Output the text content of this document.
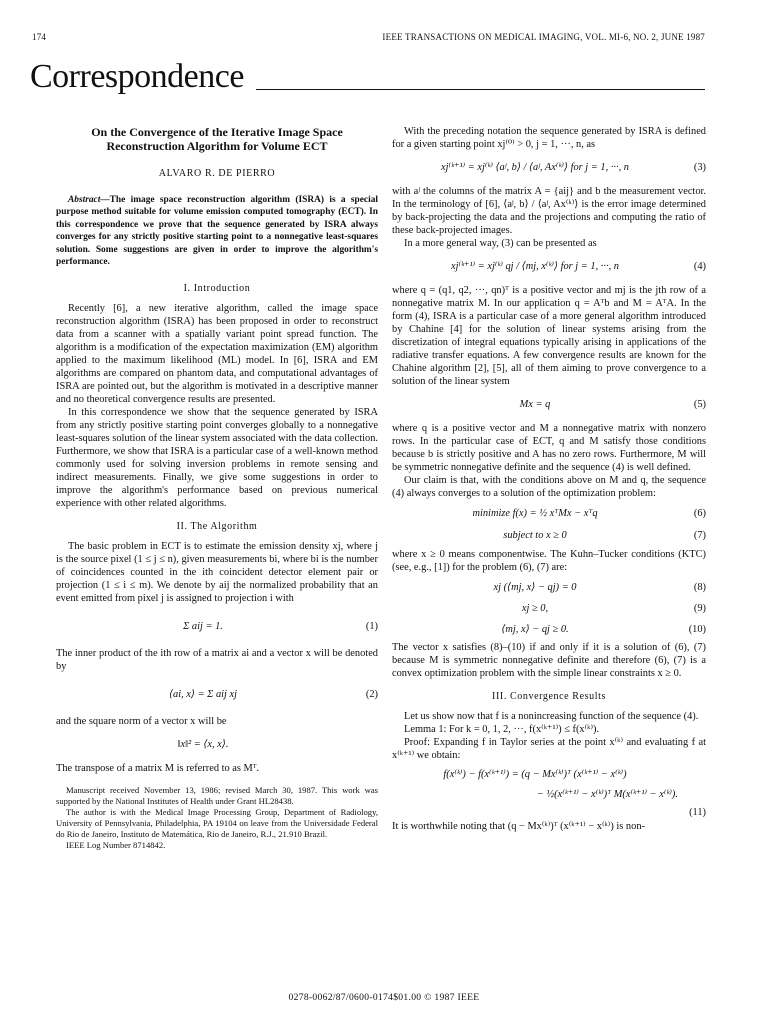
174	IEEE TRANSACTIONS ON MEDICAL IMAGING, VOL. MI-6, NO. 2, JUNE 1987
Correspondence
On the Convergence of the Iterative Image Space Reconstruction Algorithm for Volume ECT
ALVARO R. DE PIERRO

Abstract—The image space reconstruction algorithm (ISRA) is a special purpose method suitable for volume emission computed tomography (ECT). In this correspondence we prove that the sequence generated by ISRA always converges for any strictly positive starting point to a nonnegative least-squares solution. Some suggestions are given in order to improve the algorithm's performance.

I. Introduction

Recently [6], a new iterative algorithm, called the image space reconstruction algorithm (ISRA) has been proposed in order to reconstruct data from a scanner with a spatially variant point spread function. The algorithm is a modification of the expectation maximization (EM) algorithm applied to the maximum likelihood (ML) model. In [6], ISRA and EM algorithms are compared on phantom data, and computational advantages of ISRA are pointed out, but the algorithm is motivated in a descriptive manner and no theoretical convergence results are presented.

In this correspondence we show that the sequence generated by ISRA from any strictly positive starting point converges globally to a nonnegative least-squares solution of the linear system associated with the data collection. Furthermore, we show that ISRA is a particular case of a well-known method commonly used for solving inversion problems in remote sensing and indirect measurements. Finally, we give some suggestions in order to improve the algorithm's performance based on previous numerical experience with other related algorithms.

II. The Algorithm

The basic problem in ECT is to estimate the emission density xj, where j is the source pixel (1 ≤ j ≤ n), given measurements bi, where bi is the number of coincidences counted in the ith coincident detector element pair or projection (1 ≤ i ≤ m). We denote by aij the normalized probability that an event emitted from pixel j is assigned to projection i with

Σ aij = 1.	(1)

The inner product of the ith row of a matrix ai and a vector x will be denoted by

⟨ai, x⟩ = Σ aij xj	(2)

and the square norm of a vector x will be

‖x‖² = ⟨x, x⟩.

The transpose of a matrix M is referred to as Mᵀ.

Manuscript received November 13, 1986; revised March 30, 1987. This work was supported by the National Institutes of Health under Grant HL28438.

The author is with the Medical Image Processing Group, Department of Radiology, University of Pennsylvania, Philadelphia, PA 19104 on leave from the Universidade Federal do Rio de Janeiro, Instituto de Matemática, Rio de Janeiro, R.J., 21.910 Brazil.

IEEE Log Number 8714842.

With the preceding notation the sequence generated by ISRA is defined for a given starting point xj⁽⁰⁾ > 0, j = 1, ···, n, as

xj⁽ᵏ⁺¹⁾ = xj⁽ᵏ⁾ ⟨aʲ, b⟩ / ⟨aʲ, Ax⁽ᵏ⁾⟩ for j = 1, ···, n	(3)

with aʲ the columns of the matrix A = {aij} and b the measurement vector. In the terminology of [6], ⟨aʲ, b⟩ / ⟨aʲ, Ax⁽ᵏ⁾⟩ is the error image determined by back-projecting the data and the projections and computing the ratio of these back-projected images.

In a more general way, (3) can be presented as

xj⁽ᵏ⁺¹⁾ = xj⁽ᵏ⁾ qj / ⟨mj, x⁽ᵏ⁾⟩ for j = 1, ···, n	(4)

where q = (q1, q2, ···, qn)ᵀ is a positive vector and mj is the jth row of a nonnegative matrix M. In our application q = Aᵀb and M = AᵀA. In the form (4), ISRA is a particular case of a more general algorithm introduced by Chahine [4] for the solution of linear systems arising from the discretization of integral equations typically arising in applications of the radiative transfer equations. A few convergence results are known for the Chahine algorithm [2], [5], all of them aiming to prove convergence to a solution of the linear system

Mx = q	(5)

where q is a positive vector and M a nonnegative matrix with nonzero rows. In the particular case of ECT, q and M satisfy those conditions because b is strictly positive and A has no zero rows. Furthermore, M will be symmetric nonnegative definite and the sequence (4) is well defined.

Our claim is that, with the conditions above on M and q, the sequence (4) always converges to a solution of the optimization problem:

minimize f(x) = ½ xᵀMx − xᵀq	(6)
subject to x ≥ 0	(7)

where x ≥ 0 means componentwise. The Kuhn–Tucker conditions (KTC) (see, e.g., [1]) for the problem (6), (7) are:

xj (⟨mj, x⟩ − qj) = 0	(8)
xj ≥ 0,	(9)
⟨mj, x⟩ − qj ≥ 0.	(10)

The vector x satisfies (8)–(10) if and only if it is a solution of (6), (7) because M is symmetric nonnegative definite and therefore (6), (7) is a convex optimization problem with the simple linear constraints x ≥ 0.

III. Convergence Results

Let us show now that f is a nonincreasing function of the sequence (4).

Lemma 1: For k = 0, 1, 2, ···, f(x⁽ᵏ⁺¹⁾) ≤ f(x⁽ᵏ⁾).

Proof: Expanding f in Taylor series at the point x⁽ᵏ⁾ and evaluating f at x⁽ᵏ⁺¹⁾ we obtain:

f(x⁽ᵏ⁾) − f(x⁽ᵏ⁺¹⁾) = (q − Mx⁽ᵏ⁾)ᵀ (x⁽ᵏ⁺¹⁾ − x⁽ᵏ⁾)
− ½(x⁽ᵏ⁺¹⁾ − x⁽ᵏ⁾)ᵀ M(x⁽ᵏ⁺¹⁾ − x⁽ᵏ⁾).
(11)

It is worthwhile noting that (q − Mx⁽ᵏ⁾)ᵀ (x⁽ᵏ⁺¹⁾ − x⁽ᵏ⁾) is non-

0278-0062/87/0600-0174$01.00 © 1987 IEEE
